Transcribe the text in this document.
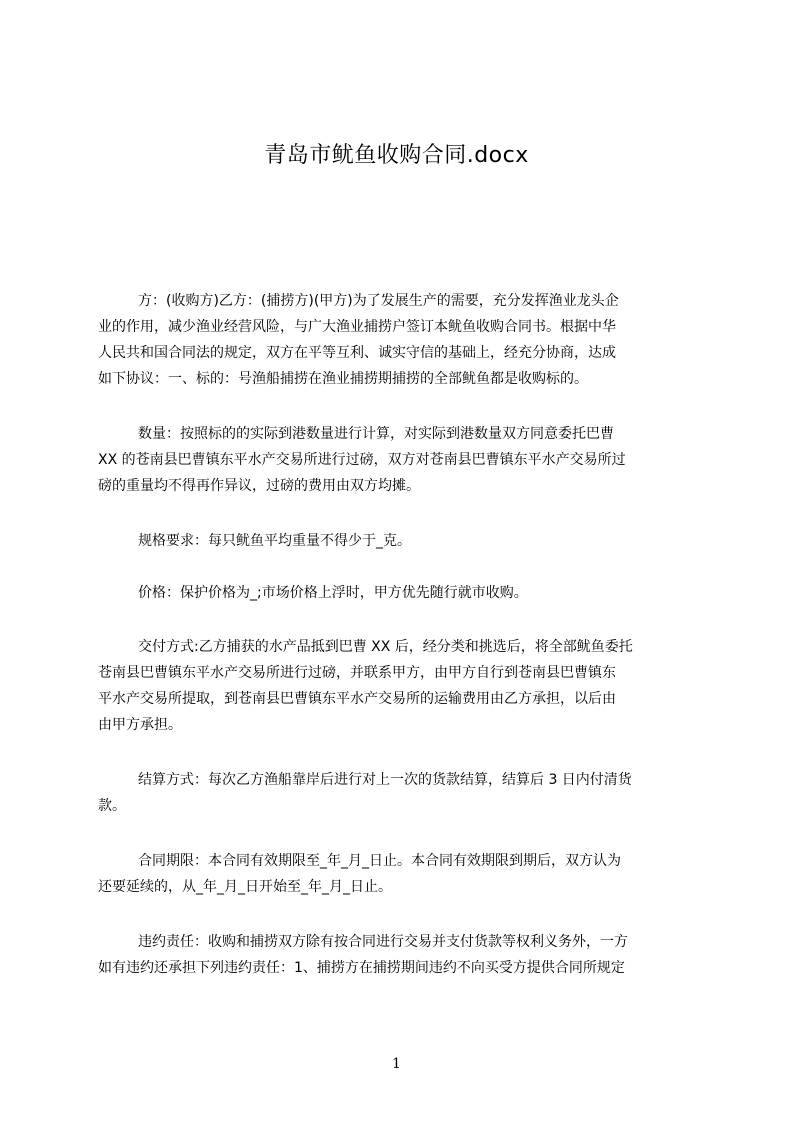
青岛市鱿鱼收购合同.docx
方：(收购方)乙方：(捕捞方)(甲方)为了发展生产的需要，充分发挥渔业龙头企
业的作用，减少渔业经营风险，与广大渔业捕捞户签订本鱿鱼收购合同书。根据中华
人民共和国合同法的规定，双方在平等互利、诚实守信的基础上，经充分协商，达成
如下协议：一、标的：号渔船捕捞在渔业捕捞期捕捞的全部鱿鱼都是收购标的。
数量：按照标的的实际到港数量进行计算，对实际到港数量双方同意委托巴曹
XX 的苍南县巴曹镇东平水产交易所进行过磅，双方对苍南县巴曹镇东平水产交易所过
磅的重量均不得再作异议，过磅的费用由双方均摊。
规格要求：每只鱿鱼平均重量不得少于_克。
价格：保护价格为_;市场价格上浮时，甲方优先随行就市收购。
交付方式:乙方捕获的水产品抵到巴曹 XX 后，经分类和挑选后，将全部鱿鱼委托
苍南县巴曹镇东平水产交易所进行过磅，并联系甲方，由甲方自行到苍南县巴曹镇东
平水产交易所提取，到苍南县巴曹镇东平水产交易所的运输费用由乙方承担，以后由
由甲方承担。
结算方式：每次乙方渔船靠岸后进行对上一次的货款结算，结算后 3 日内付清货
款。
合同期限：本合同有效期限至_年_月_日止。本合同有效期限到期后，双方认为
还要延续的，从_年_月_日开始至_年_月_日止。
违约责任：收购和捕捞双方除有按合同进行交易并支付货款等权利义务外，一方
如有违约还承担下列违约责任：1、捕捞方在捕捞期间违约不向买受方提供合同所规定
1
